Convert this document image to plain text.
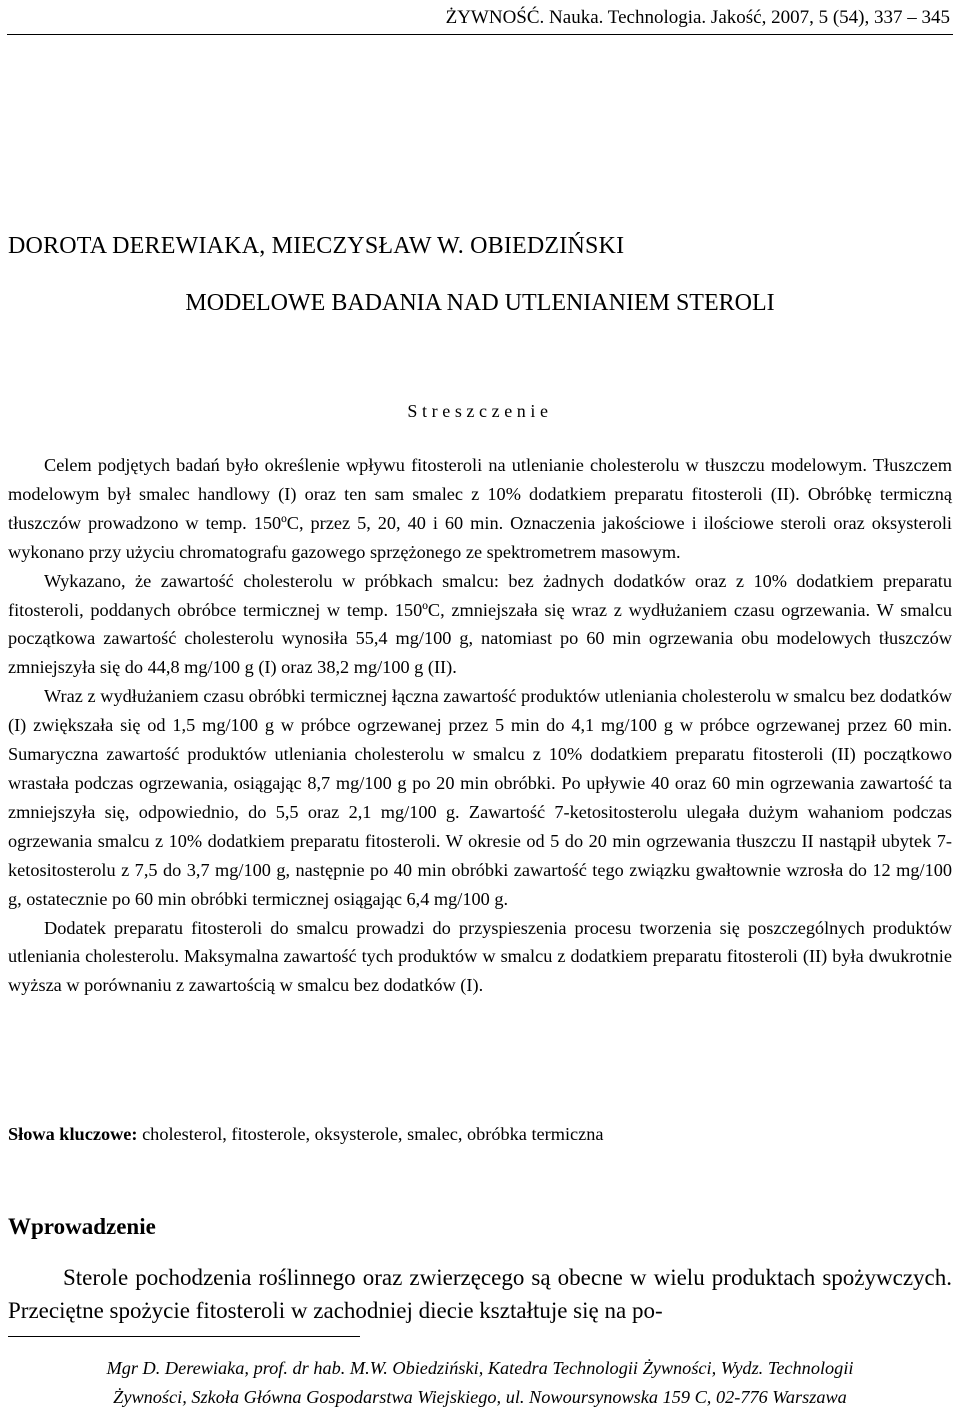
ŻYWNOŚĆ. Nauka. Technologia. Jakość, 2007, 5 (54), 337 – 345
DOROTA DEREWIAKA, MIECZYSŁAW W. OBIEDZIŃSKI
MODELOWE BADANIA NAD UTLENIANIEM STEROLI
Streszczenie

Celem podjętych badań było określenie wpływu fitosteroli na utlenianie cholesterolu w tłuszczu modelowym. Tłuszczem modelowym był smalec handlowy (I) oraz ten sam smalec z 10% dodatkiem preparatu fitosteroli (II). Obróbkę termiczną tłuszczów prowadzono w temp. 150ºC, przez 5, 20, 40 i 60 min. Oznaczenia jakościowe i ilościowe steroli oraz oksysteroli wykonano przy użyciu chromatografu gazowego sprzężonego ze spektrometrem masowym.

Wykazano, że zawartość cholesterolu w próbkach smalcu: bez żadnych dodatków oraz z 10% dodatkiem preparatu fitosteroli, poddanych obróbce termicznej w temp. 150ºC, zmniejszała się wraz z wydłużaniem czasu ogrzewania. W smalcu początkowa zawartość cholesterolu wynosiła 55,4 mg/100 g, natomiast po 60 min ogrzewania obu modelowych tłuszczów zmniejszyła się do 44,8 mg/100 g (I) oraz 38,2 mg/100 g (II).

Wraz z wydłużaniem czasu obróbki termicznej łączna zawartość produktów utleniania cholesterolu w smalcu bez dodatków (I) zwiększała się od 1,5 mg/100 g w próbce ogrzewanej przez 5 min do 4,1 mg/100 g w próbce ogrzewanej przez 60 min. Sumaryczna zawartość produktów utleniania cholesterolu w smalcu z 10% dodatkiem preparatu fitosteroli (II) początkowo wrastała podczas ogrzewania, osiągając 8,7 mg/100 g po 20 min obróbki. Po upływie 40 oraz 60 min ogrzewania zawartość ta zmniejszyła się, odpowiednio, do 5,5 oraz 2,1 mg/100 g. Zawartość 7-ketositosterolu ulegała dużym wahaniom podczas ogrzewania smalcu z 10% dodatkiem preparatu fitosteroli. W okresie od 5 do 20 min ogrzewania tłuszczu II nastąpił ubytek 7-ketositosterolu z 7,5 do 3,7 mg/100 g, następnie po 40 min obróbki zawartość tego związku gwałtownie wzrosła do 12 mg/100 g, ostatecznie po 60 min obróbki termicznej osiągając 6,4 mg/100 g.

Dodatek preparatu fitosteroli do smalcu prowadzi do przyspieszenia procesu tworzenia się poszczególnych produktów utleniania cholesterolu. Maksymalna zawartość tych produktów w smalcu z dodatkiem preparatu fitosteroli (II) była dwukrotnie wyższa w porównaniu z zawartością w smalcu bez dodatków (I).

Słowa kluczowe: cholesterol, fitosterole, oksysterole, smalec, obróbka termiczna
Wprowadzenie

Sterole pochodzenia roślinnego oraz zwierzęcego są obecne w wielu produktach spożywczych. Przeciętne spożycie fitosteroli w zachodniej diecie kształtuje się na po-

Mgr D. Derewiaka, prof. dr hab. M.W. Obiedziński, Katedra Technologii Żywności, Wydz. Technologii
Żywności, Szkoła Główna Gospodarstwa Wiejskiego, ul. Nowoursynowska 159 C, 02-776 Warszawa
